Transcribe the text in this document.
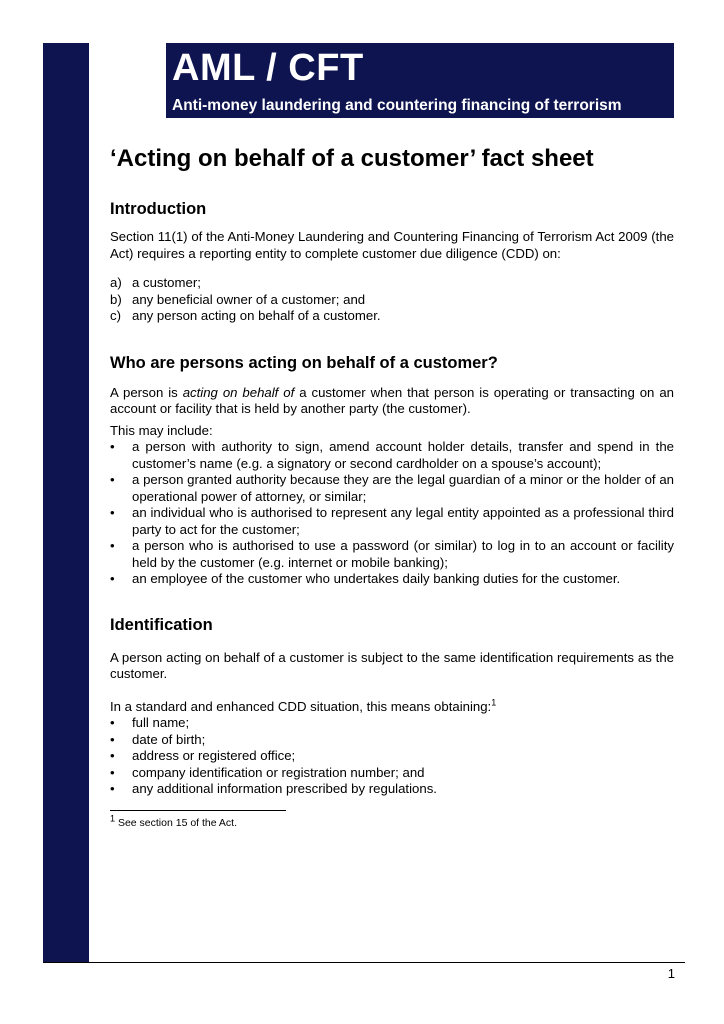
AML / CFT
Anti-money laundering and countering financing of terrorism
‘Acting on behalf of a customer’ fact sheet
Introduction

Section 11(1) of the Anti-Money Laundering and Countering Financing of Terrorism Act 2009 (the Act) requires a reporting entity to complete customer due diligence (CDD) on:

a) a customer;
b) any beneficial owner of a customer; and
c) any person acting on behalf of a customer.
Who are persons acting on behalf of a customer?

A person is acting on behalf of a customer when that person is operating or transacting on an account or facility that is held by another party (the customer).

This may include:

•	a person with authority to sign, amend account holder details, transfer and spend in the customer’s name (e.g. a signatory or second cardholder on a spouse’s account);
•	a person granted authority because they are the legal guardian of a minor or the holder of an operational power of attorney, or similar;
•	an individual who is authorised to represent any legal entity appointed as a professional third party to act for the customer;
•	a person who is authorised to use a password (or similar) to log in to an account or facility held by the customer (e.g. internet or mobile banking);
•	an employee of the customer who undertakes daily banking duties for the customer.
Identification

A person acting on behalf of a customer is subject to the same identification requirements as the customer.

In a standard and enhanced CDD situation, this means obtaining:$^1$

•	full name;
•	date of birth;
•	address or registered office;
•	company identification or registration number; and
•	any additional information prescribed by regulations.

$^1$ See section 15 of the Act.

1
